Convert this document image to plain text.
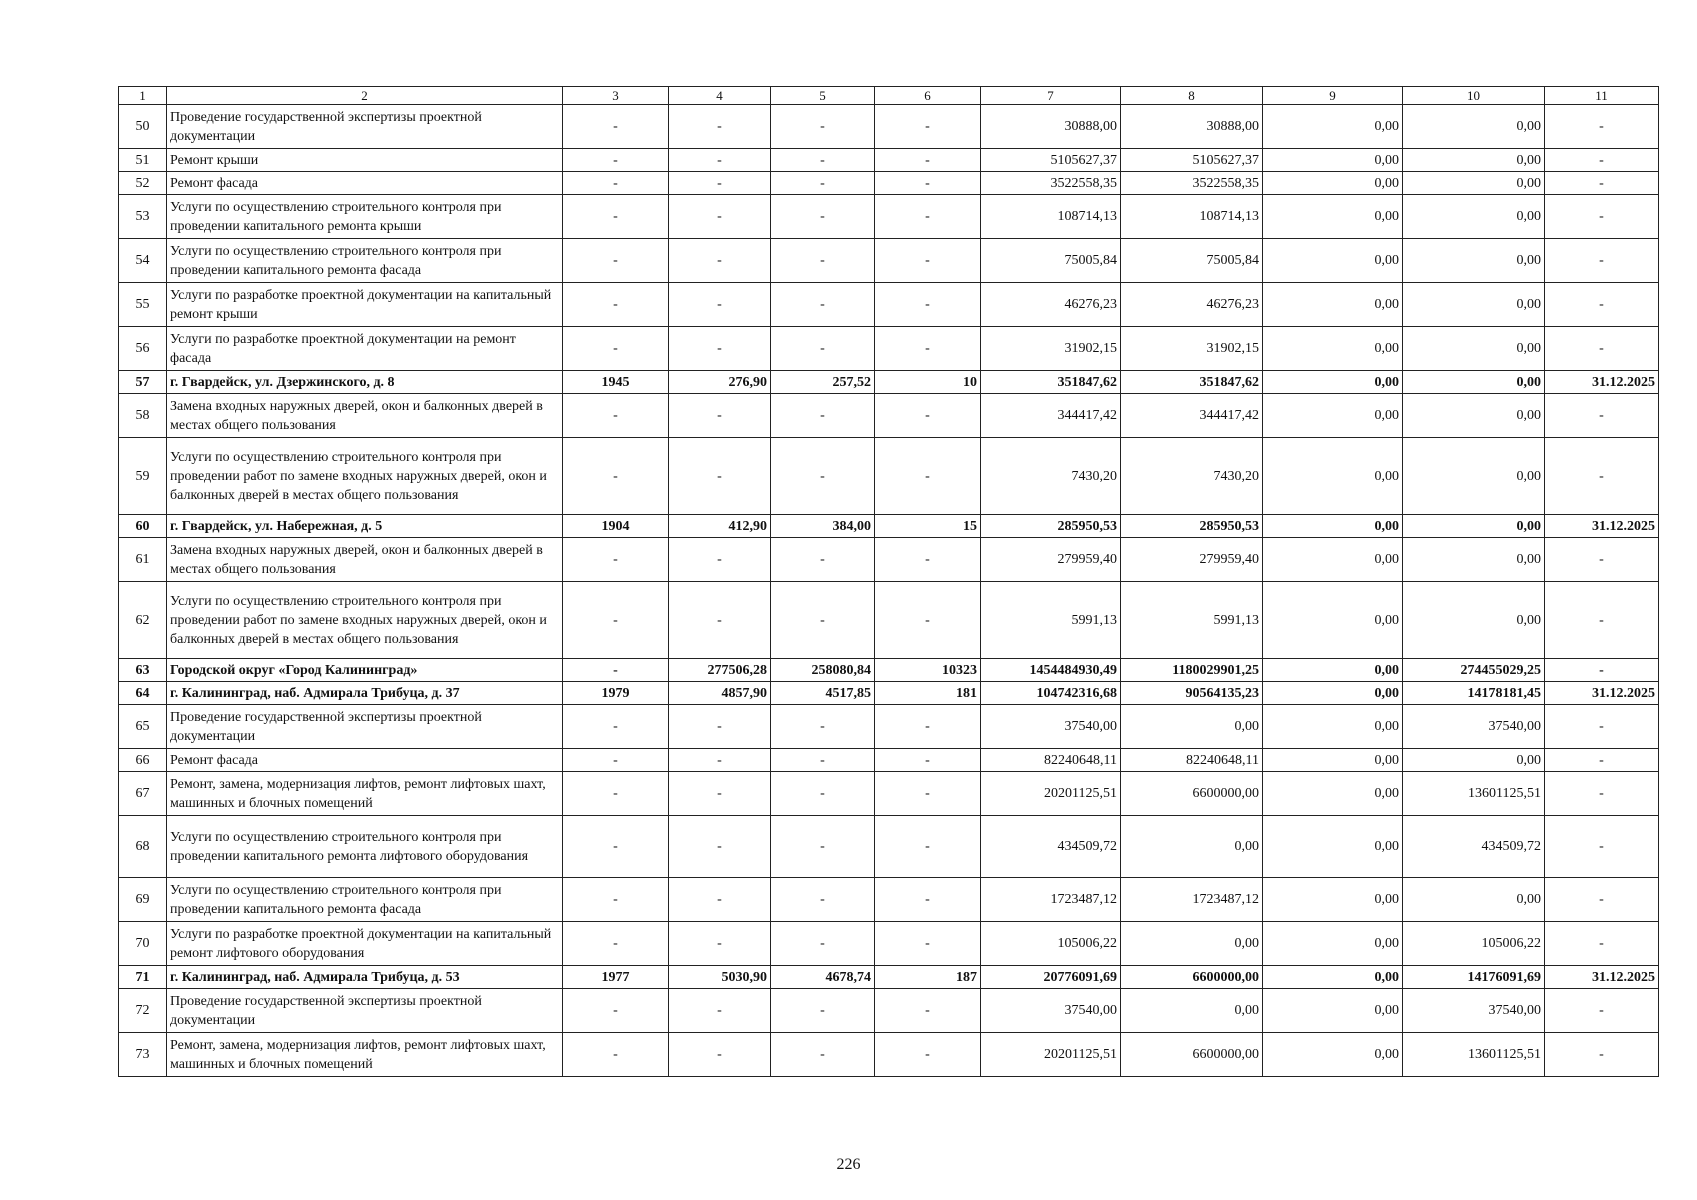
1	2	3	4	5	6	7	8	9	10	11
50	Проведение государственной экспертизы проектной документации	-	-	-	-	30888,00	30888,00	0,00	0,00	-
51	Ремонт крыши	-	-	-	-	5105627,37	5105627,37	0,00	0,00	-
52	Ремонт фасада	-	-	-	-	3522558,35	3522558,35	0,00	0,00	-
53	Услуги по осуществлению строительного контроля при проведении капитального ремонта крыши	-	-	-	-	108714,13	108714,13	0,00	0,00	-
54	Услуги по осуществлению строительного контроля при проведении капитального ремонта фасада	-	-	-	-	75005,84	75005,84	0,00	0,00	-
55	Услуги по разработке проектной документации на капитальный ремонт крыши	-	-	-	-	46276,23	46276,23	0,00	0,00	-
56	Услуги по разработке проектной документации на ремонт фасада	-	-	-	-	31902,15	31902,15	0,00	0,00	-
57	г. Гвардейск, ул. Дзержинского, д. 8	1945	276,90	257,52	10	351847,62	351847,62	0,00	0,00	31.12.2025
58	Замена входных наружных дверей, окон и балконных дверей в местах общего пользования	-	-	-	-	344417,42	344417,42	0,00	0,00	-
59	Услуги по осуществлению строительного контроля при проведении работ по замене входных наружных дверей, окон и балконных дверей в местах общего пользования	-	-	-	-	7430,20	7430,20	0,00	0,00	-
60	г. Гвардейск, ул. Набережная, д. 5	1904	412,90	384,00	15	285950,53	285950,53	0,00	0,00	31.12.2025
61	Замена входных наружных дверей, окон и балконных дверей в местах общего пользования	-	-	-	-	279959,40	279959,40	0,00	0,00	-
62	Услуги по осуществлению строительного контроля при проведении работ по замене входных наружных дверей, окон и балконных дверей в местах общего пользования	-	-	-	-	5991,13	5991,13	0,00	0,00	-
63	Городской округ «Город Калининград»	-	277506,28	258080,84	10323	1454484930,49	1180029901,25	0,00	274455029,25	-
64	г. Калининград, наб. Адмирала Трибуца, д. 37	1979	4857,90	4517,85	181	104742316,68	90564135,23	0,00	14178181,45	31.12.2025
65	Проведение государственной экспертизы проектной документации	-	-	-	-	37540,00	0,00	0,00	37540,00	-
66	Ремонт фасада	-	-	-	-	82240648,11	82240648,11	0,00	0,00	-
67	Ремонт, замена, модернизация лифтов, ремонт лифтовых шахт, машинных и блочных помещений	-	-	-	-	20201125,51	6600000,00	0,00	13601125,51	-
68	Услуги по осуществлению строительного контроля при проведении капитального ремонта лифтового оборудования	-	-	-	-	434509,72	0,00	0,00	434509,72	-
69	Услуги по осуществлению строительного контроля при проведении капитального ремонта фасада	-	-	-	-	1723487,12	1723487,12	0,00	0,00	-
70	Услуги по разработке проектной документации на капитальный ремонт лифтового оборудования	-	-	-	-	105006,22	0,00	0,00	105006,22	-
71	г. Калининград, наб. Адмирала Трибуца, д. 53	1977	5030,90	4678,74	187	20776091,69	6600000,00	0,00	14176091,69	31.12.2025
72	Проведение государственной экспертизы проектной документации	-	-	-	-	37540,00	0,00	0,00	37540,00	-
73	Ремонт, замена, модернизация лифтов, ремонт лифтовых шахт, машинных и блочных помещений	-	-	-	-	20201125,51	6600000,00	0,00	13601125,51	-
226
